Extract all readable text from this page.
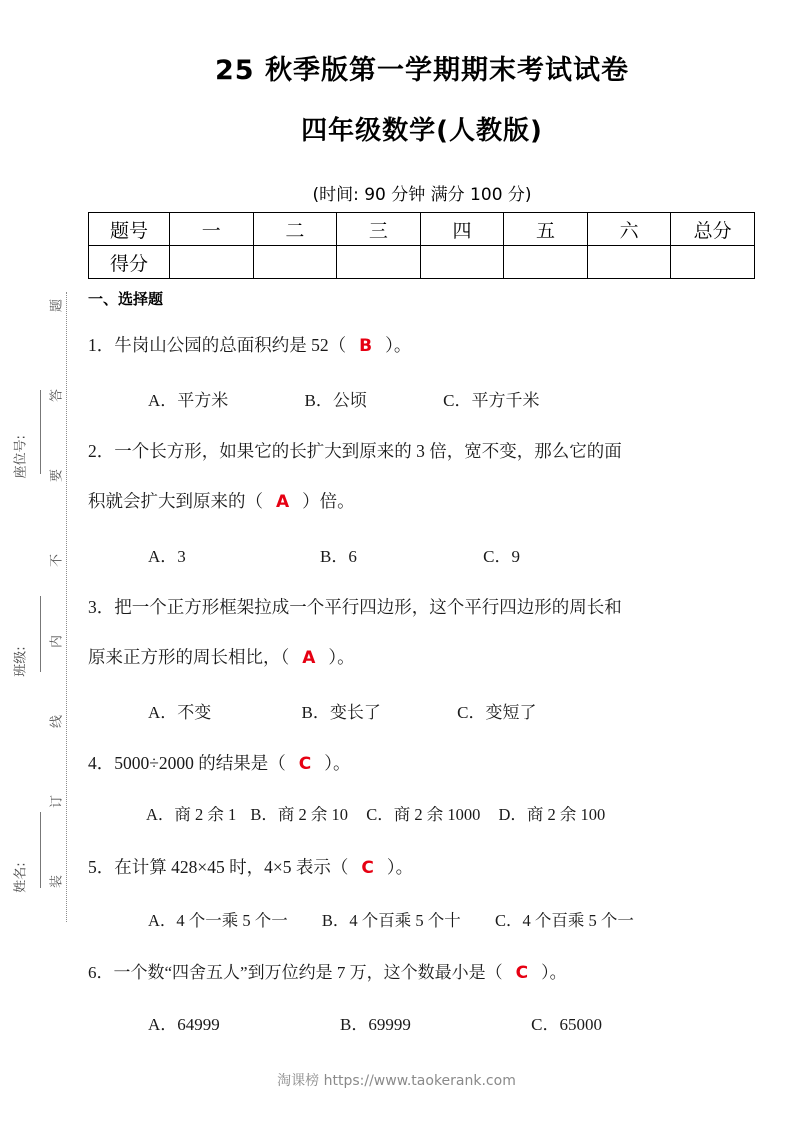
题
答
要
不
内
线
订
装
座位号:
班级:
姓名:
25 秋季版第一学期期末考试试卷
四年级数学(人教版)
(时间: 90 分钟 满分 100 分)
题号	一	二	三	四	五	六	总分
得分							
一、选择题
1．牛岗山公园的总面积约是 52（ B ）。
A．平方米	B．公顷	C．平方千米
2．一个长方形，如果它的长扩大到原来的 3 倍，宽不变，那么它的面
积就会扩大到原来的（ A ）倍。
A．3	B．6	C．9
3．把一个正方形框架拉成一个平行四边形，这个平行四边形的周长和
原来正方形的周长相比，（ A ）。
A．不变	B．变长了	C．变短了
4．5000÷2000 的结果是（ C ）。
A．商 2 余 1 B．商 2 余 10 C．商 2 余 1000 D．商 2 余 100
5．在计算 428×45 时，4×5 表示（ C ）。
A．4 个一乘 5 个一 B．4 个百乘 5 个十 C．4 个百乘 5 个一
6．一个数“四舍五人”到万位约是 7 万，这个数最小是（ C ）。
A．64999	B．69999	C．65000
淘课榜 https://www.taokerank.com
